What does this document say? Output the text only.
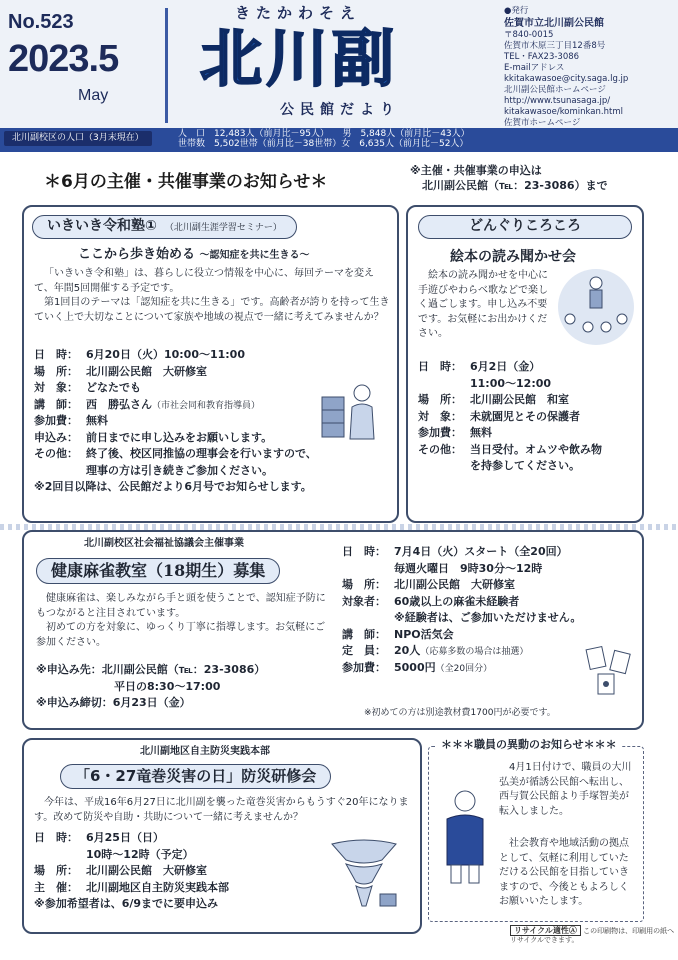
No.523
2023.5
May
きたかわそえ
北川副
公民館だより
●発行
佐賀市立北川副公民館
〒840-0015
佐賀市木原三丁目12番8号
TEL・FAX23-3086
E-mailアドレス
kkitakawasoe@city.saga.lg.jp
北川副公民館ホームページ
http://www.tsunasaga.jp/ kitakawasoe/kominkan.html
佐賀市ホームページ
北川副校区の人口（3月末現在）	人　口　12,483人（前月比－95人）　　男　5,848人（前月比－43人）
世帯数　5,502世帯（前月比－38世帯）女　6,635人（前月比－52人）
＊6月の主催・共催事業のお知らせ＊
※主催・共催事業の申込は
北川副公民館（℡：23-3086）まで
いきいき令和塾① （北川副生涯学習セミナー）
ここから歩き始める 〜認知症を共に生きる〜
「いきいき令和塾」は、暮らしに役立つ情報を中心に、毎回テーマを変えて、年間5回開催する予定です。
第1回目のテーマは「認知症を共に生きる」です。高齢者が誇りを持って生きていく上で大切なことについて家族や地域の視点で一緒に考えてみませんか？
日　時： 6月20日（火）10:00～11:00
場　所： 北川副公民館　大研修室
対　象： どなたでも
講　師： 西　勝弘さん（市社会同和教育指導員）
参加費： 無料
申込み： 前日までに申し込みをお願いします。
その他： 終了後、校区同推協の理事会を行いますので、
理事の方は引き続きご参加ください。
※2回目以降は、公民館だより6月号でお知らせします。
どんぐりころころ
絵本の読み聞かせ会
絵本の読み聞かせを中心に手遊びやわらべ歌などで楽しく過ごします。申し込み不要です。お気軽にお出かけください。
日　時： 6月2日（金）
11:00～12:00
場　所： 北川副公民館　和室
対　象： 未就園児とその保護者
参加費： 無料
その他： 当日受付。オムツや飲み物
を持参してください。
北川副校区社会福祉協議会主催事業
健康麻雀教室（18期生）募集
健康麻雀は、楽しみながら手と頭を使うことで、認知症予防にもつながると注目されています。
初めての方を対象に、ゆっくり丁寧に指導します。お気軽にご参加ください。
※申込み先：北川副公民館（℡：23-3086）
平日の8:30～17:00
※申込み締切：6月23日（金）
日　時： 7月4日（火）スタート（全20回）
毎週火曜日　9時30分～12時
場　所： 北川副公民館　大研修室
対象者： 60歳以上の麻雀未経験者
※経験者は、ご参加いただけません。
講　師： NPO活気会
定　員： 20人（応募多数の場合は抽選）
参加費： 5000円（全20回分）
※初めての方は別途教材費1700円が必要です。
北川副地区自主防災実践本部
「6・27竜巻災害の日」防災研修会
今年は、平成16年6月27日に北川副を襲った竜巻災害からもうすぐ20年になります。改めて防災や自助・共助について一緒に考えませんか？
日　時： 6月25日（日）
10時～12時（予定）
場　所： 北川副公民館　大研修室
主　催： 北川副地区自主防災実践本部
※参加希望者は、6/9までに要申込み
＊＊＊職員の異動のお知らせ＊＊＊
4月1日付けで、職員の大川弘美が循誘公民館へ転出し、西与賀公民館より手塚智美が転入しました。
社会教育や地域活動の拠点として、気軽に利用していただける公民館を目指していきますので、今後ともよろしくお願いいたします。
リサイクル適性Ⓐ この印刷物は、印刷用の紙へリサイクルできます。
